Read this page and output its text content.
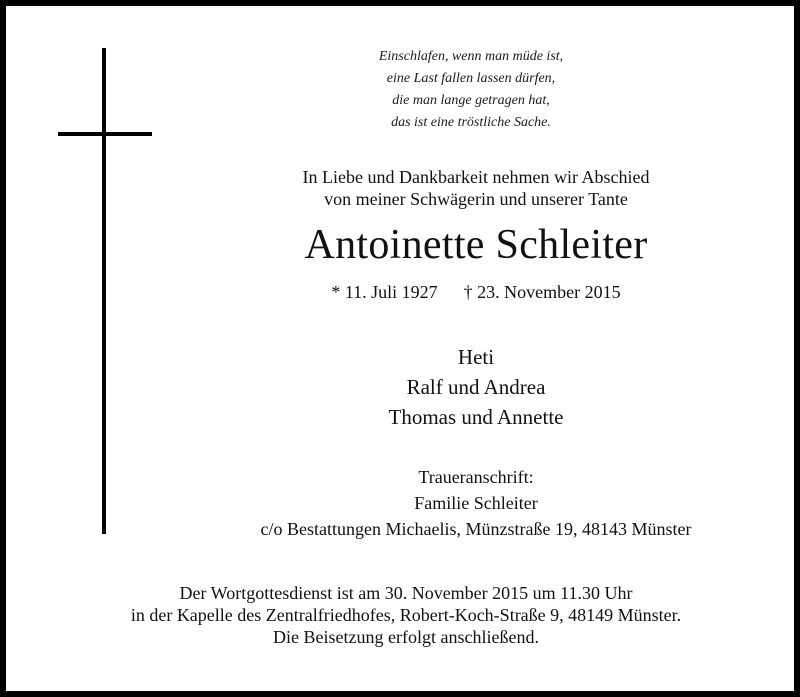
Einschlafen, wenn man müde ist,
eine Last fallen lassen dürfen,
die man lange getragen hat,
das ist eine tröstliche Sache.
In Liebe und Dankbarkeit nehmen wir Abschied
von meiner Schwägerin und unserer Tante
Antoinette Schleiter
* 11. Juli 1927 † 23. November 2015
Heti
Ralf und Andrea
Thomas und Annette
Traueranschrift:
Familie Schleiter
c/o Bestattungen Michaelis, Münzstraße 19, 48143 Münster
Der Wortgottesdienst ist am 30. November 2015 um 11.30 Uhr
in der Kapelle des Zentralfriedhofes, Robert-Koch-Straße 9, 48149 Münster.
Die Beisetzung erfolgt anschließend.
